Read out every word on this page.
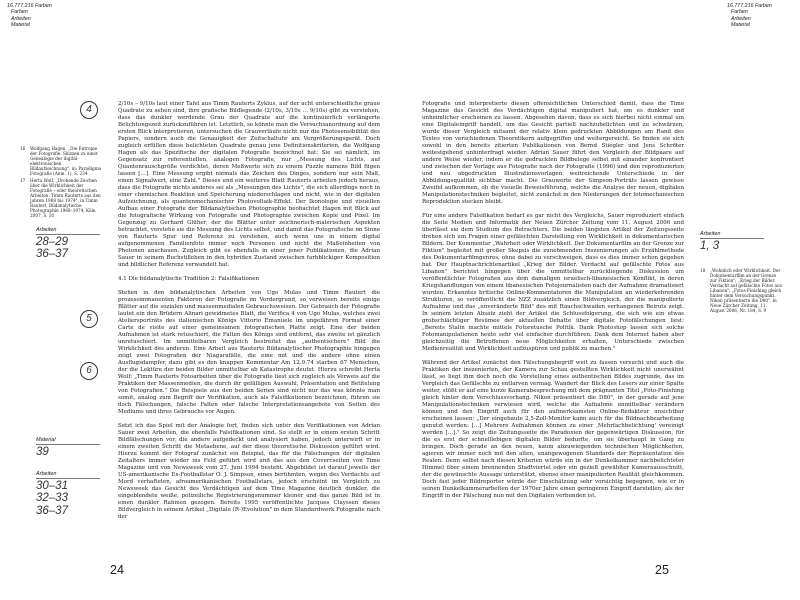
16.777.216 Farben
Farben
Arbeiten
Material
4
5
6
16 Wolfgang Hagen, „Die Entropie der Fotografie. Skizzen zu einer Genealogie der digital-elektronischen Bildaufzeichnung", in: Paradigma Fotografie (Anm. 1), S. 234
17 Herta Wolf, „Drohende Zeichen über die Wirklichkeit der Fotografie – oder theoretischen Arbeiten. Timm Rauterts aus den Jahren 1968 bis 1974", in Timm Rautert, Bildanalytische Photographie 1968–1974, Köln 2007, S. 10
Arbeiten
28–29
36–37
Material
39
Arbeiten
30–31
32–33
36–37

2/10s – 9/10s laut einer Tafel aus Timm Rauterts Zyklus, auf der acht unterschiedliche graue Quadrate zu sehen sind, ihre grafische Bildlegende (2/10s, 3/10s … 9/10s) gibt zu verstehen, dass das dunkler werdende Grau der Quadrate auf die kontinuierlich verlängerte Belichtungszeit zurückzuführen ist. Letztlich, so könnte man die Versuchsanordnung auf dem ersten Blick interpretieren, untersuchen die Grauverläufe nicht nur die Photosensibilität des Papiers, sondern auch die Genauigkeit der Zeitschaltuhr am Vergrößerungsgerät. Doch zugleich erfüllen diese belichteten Quadrate genau jene Definitionskriterien, die Wolfgang Hagen als das Spezifische der digitalen Fotografie bezeichnet hat: Sie sei nämlich, im Gegensatz zur referentiellen, analogen Fotografie, nur „Messung des Lichts, auf Quantenrauschgröße verdichtet, deren Meßwerte sich zu einem Puzzle namens Bild fügen lassen […]. Eine Messung ergibt niemals das Zeichen des Dinges, sondern nur sein Maß, einen Signalwert, eine Zahl." Dieses und ein weiteres Blatt Rauterts arbeiten jedoch heraus, dass die Fotografie nichts anderes sei als „Messungen des Lichts", die sich allerdings noch in einer chemischen Reaktion und Speicherung niederschlagen und nicht, wie in der digitalen Aufzeichnung, als quantenmechanischer Photovoltaik-Effekt. Der Ikonologie und visuellen Aufbau einer Fotografie der Bildanalytischen Photographie beobachtet Hagen mit Blick auf die fotografische Wirkung von Fotografie und Photographie zwischen Kopie und Pixel. Im Gegenzug zu Gerhard Glüher, der die Blätter unter zeichnerisch-malerischen Aspekten betrachtet, verstehe sie die Messung des Lichts selbst, und damit das Fotografische im Sinne von Rauterts Spur und Referenz zu verstehen, auch wenn uns in einem digital aufgenommenen Familienfoto immer noch Personen und nicht die Maßeinheiten von Photonen anschauen. Zugleich gibt es ebenfalls in einer jener Publikationen, die Adrian Sauer in seinem Buchstilleben in den hybriden Zustand zwischen farbblickiger Komposition und bildlicher Referenz verwandelt hat.

4.1 Die bildanalytische Tradition 2: Falsifikationen

Stehen in den bildanalytischen Arbeiten von Ugo Mulas und Timm Rautert die prozessimmanenten Faktoren der Fotografie im Vordergrund, so verweisen bereits einige Blätter auf die sozialen und massenmedialen Gebrauchsweisen. Der Gebrauch der Fotografie lautet ein den Brüdern Alinari gewidmetes Blatt, die Verifica 4 von Ugo Mulas, welches zwei Ateliersporträts des italienischen Königs Vittorio Emanuele im ungefähren Format einer Carte de visite auf einer gemeinsamen fotografischen Platte zeigt. Eine der beiden Aufnahmen ist stark retuschiert, die Falten des Königs sind entfernt, das zweite ist gänzlich unretuschiert. Im unmittelbaren Vergleich bestreitet das „authentischere" Bild die Wirklichkeit des anderen. Eine Arbeit aus Rauterts Bildanalytischer Photographie hingegen zeigt zwei Fotografien der Niagarafälle, die eine mit und die andere ohne einen Ausflugsdampfer, dazu gibt es den knappen Kommentar Am 12.9.74 starben 67 Menschen, der die Lektüre der beiden Bilder unmittelbar ab Katastrophe deutet. Hierzu schreibt Herta Wolf: „Timm Rauterts Fotoarbeiten über die Fotografie liest sich zugleich als Verweis auf die Praktiken der Massenmedien, die durch ihr gefälligen Auswahl, Präsentation und Betitelung von Fotografien." Die Beispiele aus den beiden Serien sind nicht nur das was könnte man somit, analog zum Begriff der Verifikation, auch als Falsifikationen bezeichnen, führen sie doch Fälschungen, falsche Falten oder falsche Interpretationsangebote von Seiten des Mediums und ihres Gebrauchs vor Augen.

Setzt ich das Spiel mit der Analogie fort, finden sich unter den Verifikationen von Adrian Sauer zwei Arbeiten, die ebenfalls Falsifikationen sind. So stellt er in einem ersten Schritt Bildfälschungen vor, die andere aufgedeckt und analysiert haben, jedoch unterwirft er in einem zweiten Schritt die Metaebene, auf der diese theoretische Diskussion geführt wird. Hierzu kommt der Fotograf zunächst ein Beispiel, das für die Fälschungen der digitalen Zeitalters immer wieder ins Feld geführt wird und das aus den Covercseiten von Time Magazine und von Newsweek vom 27. Juni 1994 besteht. Abgebildet ist darauf jeweils der US-amerikanische Ex-Footballstar O. J. Simpson, eines berühmten, wegen des Verdachts auf Mord verhafteten, afroamerikanischen Footballstars, jedoch erscheint im Vergleich zu Newsweek das Gesicht des Verdächtigen auf dem Time Magazine deutlich dunkler, die eingeblendete weiße, polizeiliche Registrierungsnummer kleiner und das ganze Bild ist in einen dunkler Rahmen gezogen. Bereits 1995 veröffentlichte Jacques Clayssen dieses Bildvergleich in seinem Artikel „Digitale (R-)Evolution" in dem Standardwerk Fotografie nach der

24
16.777.216 Farben
Farben
Arbeiten
Material

Fotografie und interpretierte diesen offensichtlichen Unterschied damit, dass die Time Magazine das Gesicht des Verdächtigen digital manipuliert hat, um es dunkler und unheimlicher erscheinen zu lassen. Abgesehen davon, dass es sich hierbei nicht einmal um eine Digitaleingriff handelt, um das Gesicht partiell nachzubelichten und zu schwärzen, wurde dieser Vergleich mitsamt der relativ klein gedruckten Abbildungen am Rand des Textes von verschiedenen Theoretikern aufgegriffen und weitergereicht. So finden sie sich sowohl in den bereits zitierten Publikationen von Bernd Stiegler und Jens Schröter weitestgehend unhinterfragt wieder. Adrian Sauer führt den Vergleich der Bildpaare auf andere Weise wieder, indem er die gedruckten Bildbelege selbst mit einander konfrontiert und zwischen der Vorlage aus Fotografie nach der Fotografie (1996) und den reproduzierten und neu abgedruckten Illustrationsvorlagen weitreichende Unterschiede in der Abbildungsqualität sichtbar macht. Die Grauwerte der Simpson-Porträts lassen gewisse Zweifel aufkommen, ob die visuelle Beweisführung, welche die Analyse der neuen, digitalen Manipulationstechniken begleitet, nicht zunächst in den Niederungen der fotomechanischen Reproduktion stecken bleibt.

Für eine andere Falsifikation bedarf es gar nicht des Vergleichs, Sauer reproduziert einfach die Seite Medien und Informatik der Neuen Zürcher Zeitung vom 11. August 2006 und überlässt sie dem Studium des Betrachters. Die beiden längsten Artikel der Zeitungsseite drehen sich um Fragen einer gefälschten Darstellung von Wirklichkeit in dokumentarischen Bildern. Der Kommentar „Wahrheit oder Wirklichkeit. Der Dokumentarfilm an der Grenze zur Fiktion" begleitet mit großer Skepsis die zunehmenden Inszenierungen als Erzählmethode des Dokumentarfilmgenres, ohne dabei zu verschweigen, dass es dies immer schon gegeben hat. Der Hauptnachrichtenartikel „Krieg der Bilder. Verdacht auf gefälschte Fotos aus Libanon" berichtet hingegen über die unmittelbar zurückliegende Diskussion um veröffentlichter Fotografien aus dem damaligen israelisch-libanesischen Konflikt, in deren Kriegshandlungen von einem libanesischen Fotojournalisten nach der Aufnahme dramatisiert wurden. Erkanntes britische Online-Kommentatoren die Manipulation an wiederkehrenden Strukturen, so veröffentlicht die NZZ zusätzlich einen Bildvergleich, der die manipulierte Aufnahme und das „unveränderte Bild" des mit Rauchschwaden verhangenen Beiruts zeigt. In seinem letzten Absatz zieht der Artikel die Schlussfolgerung, die sich wie ein etwas grobschlächtiger Resümee der aktuellen Debatte über digitale Fotofälschungen liest: „Bereits Stalin machte mittels Fotoretusche Politik. Dank Photoshop lassen sich solche Fotomanipulationen heute sehr viel einfacher durchführen. Dank dem Internet haben aber gleichzeitig die Betroffenen neue Möglichkeiten erhalten, Unterschiede zwischen Medienrealität und Wirklichkeit aufzuspüren und publik zu machen."

Während der Artikel zunächst den Fälschungsbegriff weit zu fassen versucht und auch die Praktiken der inszenierten, der Kamera zur Schau gestellten Wirklichkeit nicht unerwähnt lässt, so liegt ihm doch noch die Vorstellung eines authentischen Bildes zugrunde, das im Vergleich das Gefälschte zu entlarven vermag. Wandert der Blick des Lesers zur einer Spalte weiter, stößt er auf eine kurze Kamerabesprechung mit dem prägnanten Titel „Foto-Finishing gleich hinter dem Verschlussvorhang. Nikon präsentiert die D80", in der gerade auf jene Manipulationstechniken verwiesen wird, welche die Aufnahme unmittelbar verändern können und den Eingriff auch für den aufmerksamsten Online-Redakteur unsichtbar erscheinen lassen: „Der eingebaute 2,5-Zoll-Monitor kann auch für die Bildnachbearbeitung genutzt werden: […] Mehrere Aufnahmen können zu einer ‚Mehrfachbelichtung' vereinigt werden […]." So zeigt die Zeitungsseite die Paradoxien der gegenwärtigen Diskussion, für die es erst der schnelllebigen digitalen Bilder bedurfte, um sie überhaupt in Gang zu bringen. Doch gerade an den neuen, kaum abzuwiegenden technischen Möglichkeiten, agieren wir immer noch mit den alten, unangewogenen Standards der Repräsentation des Realen. Denn selbst nach diesen Kriterien würde ein in der Dunkelkammer nachbelichteter Himmel über einem brennenden Stadtviertel oder ein gezielt gewählter Kameraausschnitt, der die gewünschte Aussage unterstützt, ebenso einer manipulierten Realität gleichkommen. Doch fast jeder Bildreporter würde der Einschätzung sehr vorsichtig begegnen, wie er in seinen Dunkelkammerarbeiten der 1970er Jahre einen geringeren Eingriff darstellen, als der Eingriff in der Fälschung nun mit den Digitalen verbunden ist.

Arbeiten
1, 3
18 „Wohnlich oder Wirklichkeit. Der Dokumentarfilm an der Grenze zur Fiktion"; „Krieg der Bilder. Verdacht auf gefälschte Fotos aus Libanon"; „Fotos-Finishing gleich hinter dem Versuchungspunkt. Nikon präsentierte die D80", in Neue Zürcher Zeitung, 11. August 2006, Nr. 184, S. 9
25
